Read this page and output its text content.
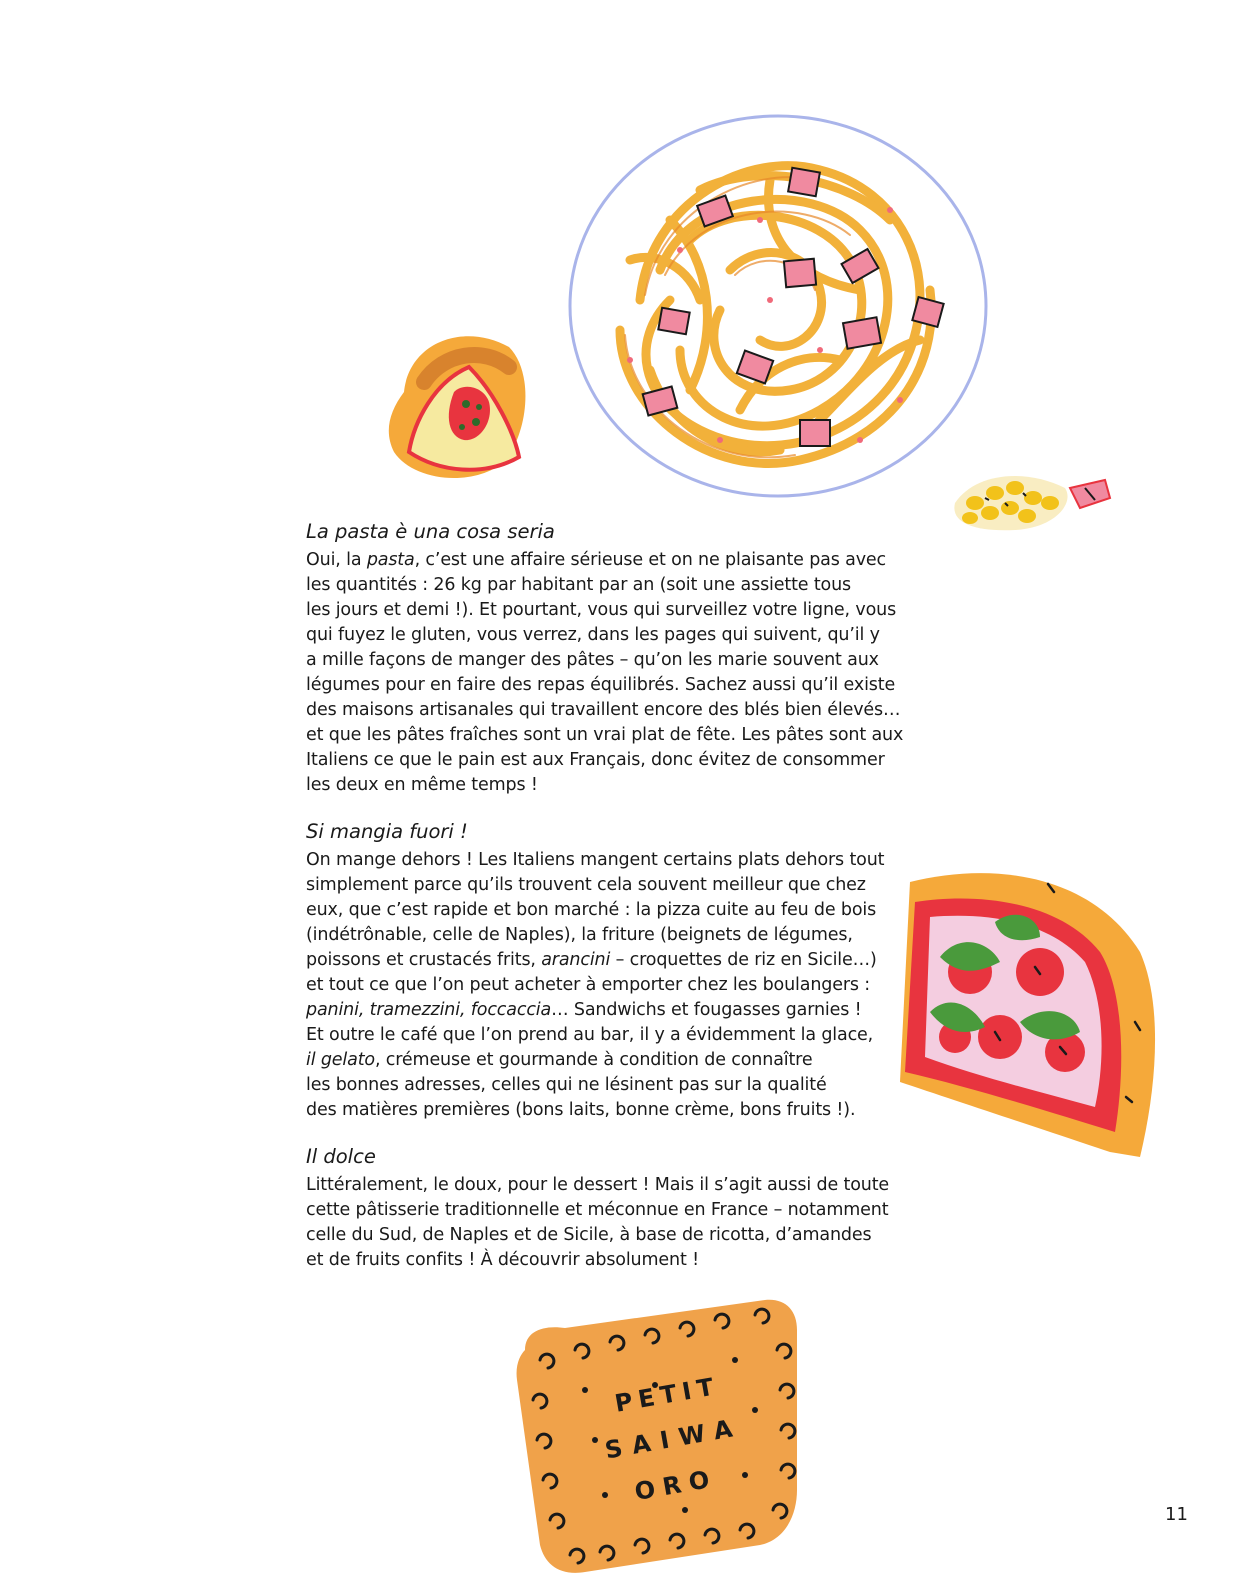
PETIT
SAIWA
ORO
La pasta è una cosa seria

Oui, la pasta, c’est une affaire sérieuse et on ne plaisante pas avec
les quantités : 26 kg par habitant par an (soit une assiette tous
les jours et demi !). Et pourtant, vous qui surveillez votre ligne, vous
qui fuyez le gluten, vous verrez, dans les pages qui suivent, qu’il y
a mille façons de manger des pâtes – qu’on les marie souvent aux
légumes pour en faire des repas équilibrés. Sachez aussi qu’il existe
des maisons artisanales qui travaillent encore des blés bien élevés…
et que les pâtes fraîches sont un vrai plat de fête. Les pâtes sont aux
Italiens ce que le pain est aux Français, donc évitez de consommer
les deux en même temps !

Si mangia fuori !

On mange dehors ! Les Italiens mangent certains plats dehors tout
simplement parce qu’ils trouvent cela souvent meilleur que chez
eux, que c’est rapide et bon marché : la pizza cuite au feu de bois
(indétrônable, celle de Naples), la friture (beignets de légumes,
poissons et crustacés frits, arancini – croquettes de riz en Sicile…)
et tout ce que l’on peut acheter à emporter chez les boulangers :
panini, tramezzini, foccaccia… Sandwichs et fougasses garnies !
Et outre le café que l’on prend au bar, il y a évidemment la glace,
il gelato, crémeuse et gourmande à condition de connaître
les bonnes adresses, celles qui ne lésinent pas sur la qualité
des matières premières (bons laits, bonne crème, bons fruits !).

Il dolce

Littéralement, le doux, pour le dessert ! Mais il s’agit aussi de toute
cette pâtisserie traditionnelle et méconnue en France – notamment
celle du Sud, de Naples et de Sicile, à base de ricotta, d’amandes
et de fruits confits ! À découvrir absolument !

11
